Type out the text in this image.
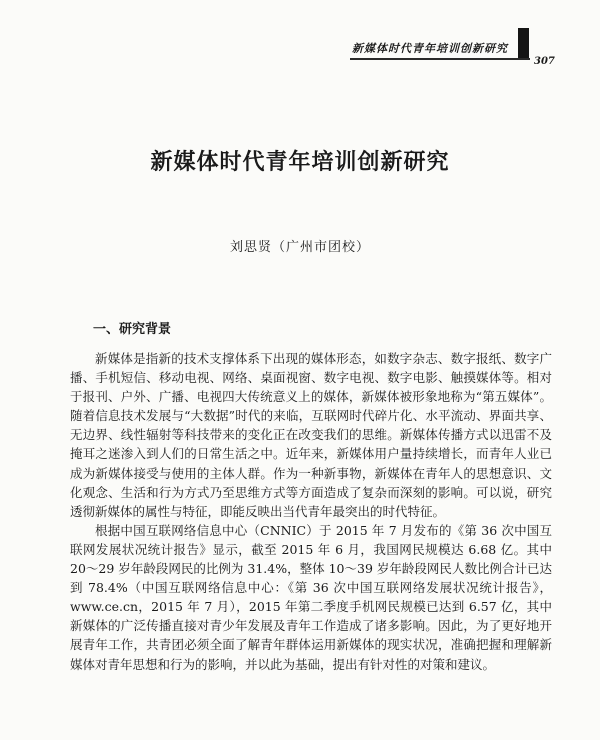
新媒体时代青年培训创新研究
307
新媒体时代青年培训创新研究
刘思贤（广州市团校）
一、研究背景

新媒体是指新的技术支撑体系下出现的媒体形态，如数字杂志、数字报纸、数字广播、手机短信、移动电视、网络、桌面视窗、数字电视、数字电影、触摸媒体等。相对于报刊、户外、广播、电视四大传统意义上的媒体，新媒体被形象地称为“第五媒体”。随着信息技术发展与“大数据”时代的来临，互联网时代碎片化、水平流动、界面共享、无边界、线性辐射等科技带来的变化正在改变我们的思维。新媒体传播方式以迅雷不及掩耳之迷渗入到人们的日常生活之中。近年来，新媒体用户量持续增长，而青年人业已成为新媒体接受与使用的主体人群。作为一种新事物，新媒体在青年人的思想意识、文化观念、生活和行为方式乃至思维方式等方面造成了复杂而深刻的影响。可以说，研究透彻新媒体的属性与特征，即能反映出当代青年最突出的时代特征。

根据中国互联网络信息中心（CNNIC）于 2015 年 7 月发布的《第 36 次中国互联网发展状况统计报告》显示，截至 2015 年 6 月，我国网民规模达 6.68 亿。其中 20～29 岁年龄段网民的比例为 31.4%，整体 10～39 岁年龄段网民人数比例合计已达到 78.4%（中国互联网络信息中心：《第 36 次中国互联网络发展状况统计报告》，www.ce.cn，2015 年 7 月），2015 年第二季度手机网民规模已达到 6.57 亿，其中新媒体的广泛传播直接对青少年发展及青年工作造成了诸多影响。因此，为了更好地开展青年工作，共青团必须全面了解青年群体运用新媒体的现实状况，准确把握和理解新媒体对青年思想和行为的影响，并以此为基础，提出有针对性的对策和建议。
